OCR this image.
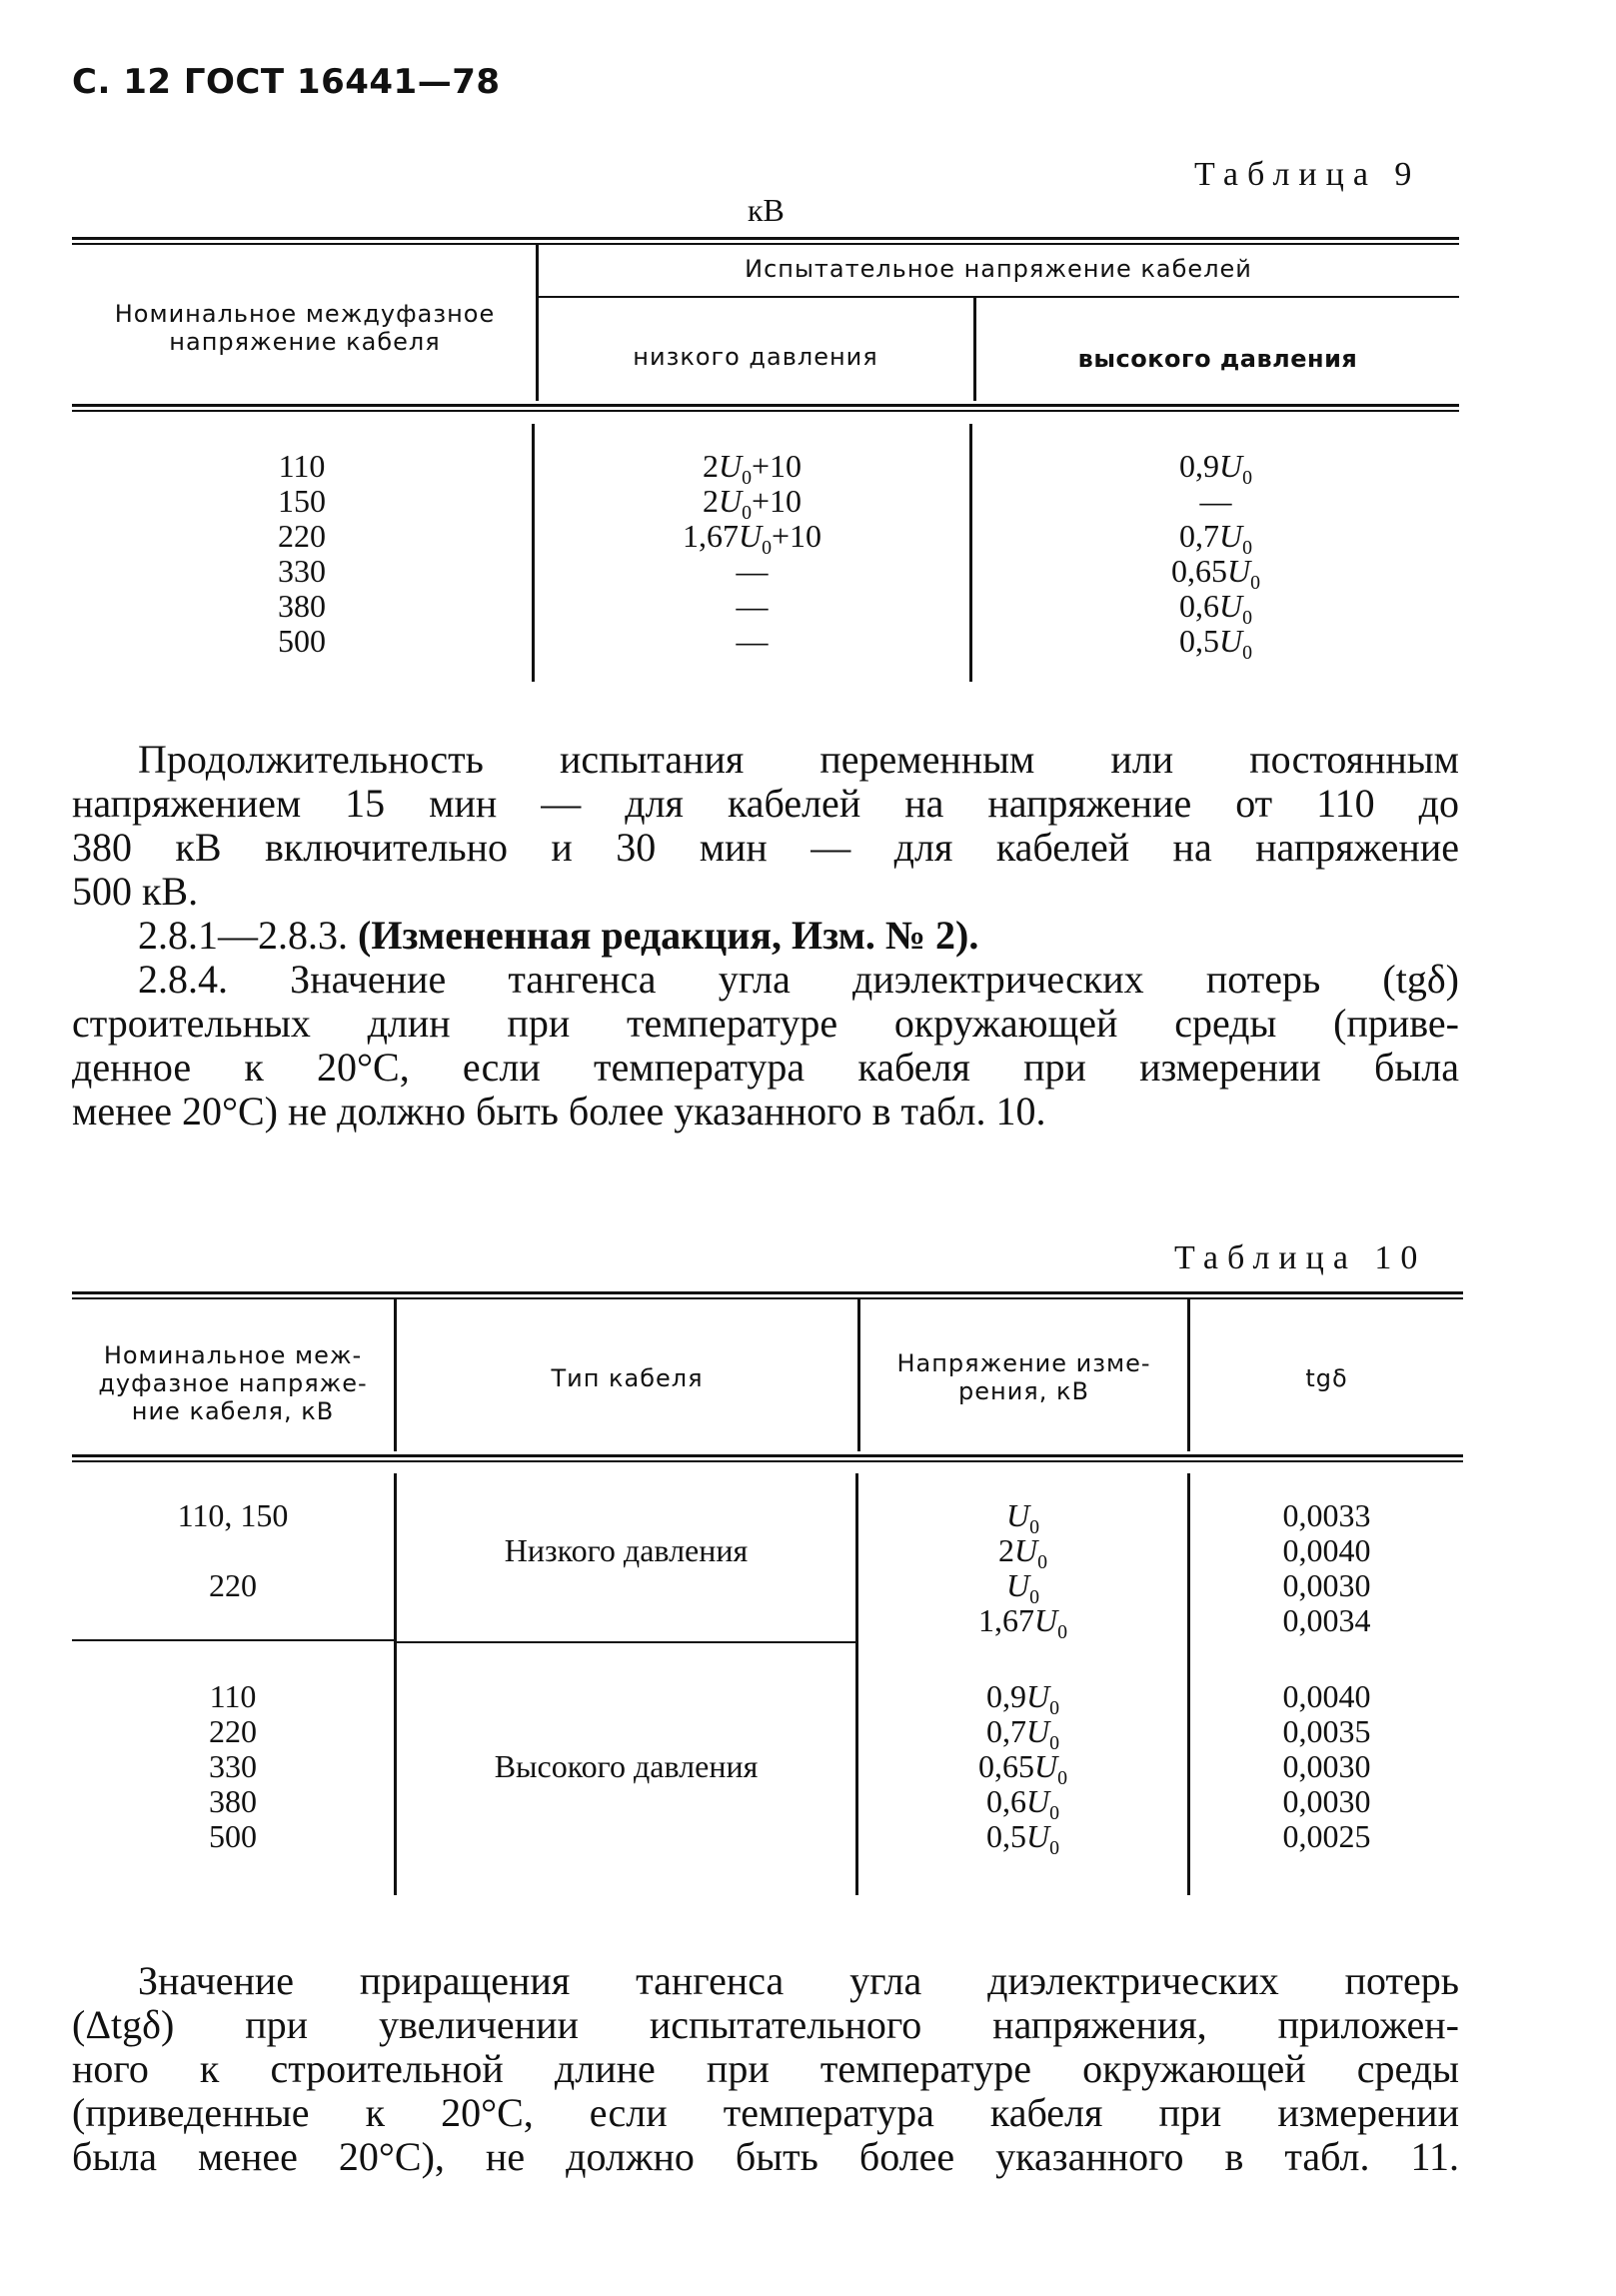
С. 12 ГОСТ 16441—78
Таблица 9
кВ
Номинальное междуфазное напряжение кабеля
Испытательное напряжение кабелей
низкого давления	высокого давления
110
150
220
330
380
500
$2U_0+10$
$2U_0+10$
$1,67U_0+10$
—
—
—
$0,9U_0$
—
$0,7U_0$
$0,65U_0$
$0,6U_0$
$0,5U_0$
Продолжительность испытания переменным или постоянным
напряжением 15 мин — для кабелей на напряжение от 110 до
380 кВ включительно и 30 мин — для кабелей на напряжение
500 кВ.
2.8.1—2.8.3. (Измененная редакция, Изм. № 2).
2.8.4. Значение тангенса угла диэлектрических потерь (tgδ)
строительных длин при температуре окружающей среды (приве-
денное к 20°С, если температура кабеля при измерении была
менее 20°С) не должно быть более указанного в табл. 10.
Таблица 10
Номинальное меж-дуфазное напряже-ние кабеля, кВ
Тип кабеля
Напряжение изме-рения, кВ	tgδ
110, 150
220
Низкого давления
$U_0$
$2U_0$
$U_0$
$1,67U_0$
0,0033
0,0040
0,0030
0,0034
110
220
330
380
500
Высокого давления
$0,9U_0$
$0,7U_0$
$0,65U_0$
$0,6U_0$
$0,5U_0$
0,0040
0,0035
0,0030
0,0030
0,0025
Значение приращения тангенса угла диэлектрических потерь
(Δtgδ) при увеличении испытательного напряжения, приложен-
ного к строительной длине при температуре окружающей среды
(приведенные к 20°С, если температура кабеля при измерении
была менее 20°С), не должно быть более указанного в табл. 11.
